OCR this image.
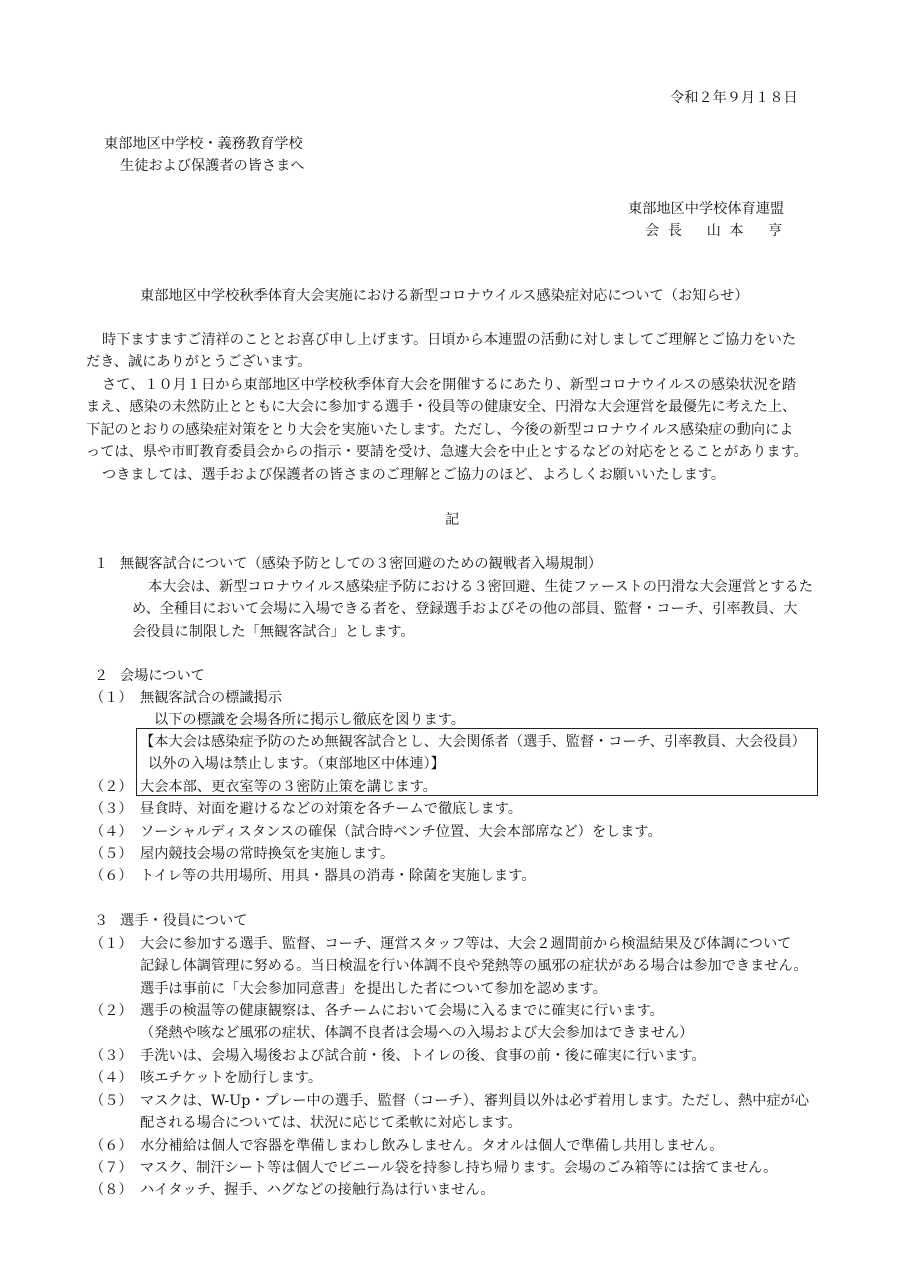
令和２年９月１８日
東部地区中学校・義務教育学校
生徒および保護者の皆さまへ
東部地区中学校体育連盟
会 長　 山 本　 亨
東部地区中学校秋季体育大会実施における新型コロナウイルス感染症対応について（お知らせ）
時下ますますご清祥のこととお喜び申し上げます。日頃から本連盟の活動に対しましてご理解とご協力をいた
だき、誠にありがとうございます。
さて、１０月１日から東部地区中学校秋季体育大会を開催するにあたり、新型コロナウイルスの感染状況を踏
まえ、感染の未然防止とともに大会に参加する選手・役員等の健康安全、円滑な大会運営を最優先に考えた上、
下記のとおりの感染症対策をとり大会を実施いたします。ただし、今後の新型コロナウイルス感染症の動向によ
っては、県や市町教育委員会からの指示・要請を受け、急遽大会を中止とするなどの対応をとることがあります。
つきましては、選手および保護者の皆さまのご理解とご協力のほど、よろしくお願いいたします。
記
１ 無観客試合について（感染予防としての３密回避のための観戦者入場規制）
本大会は、新型コロナウイルス感染症予防における３密回避、生徒ファーストの円滑な大会運営とするた
め、全種目において会場に入場できる者を、登録選手およびその他の部員、監督・コーチ、引率教員、大
会役員に制限した「無観客試合」とします。
２ 会場について
（１） 無観客試合の標識掲示
以下の標識を会場各所に掲示し徹底を図ります。
【本大会は感染症予防のため無観客試合とし、大会関係者（選手、監督・コーチ、引率教員、大会役員）
以外の入場は禁止します。（東部地区中体連）】
（２） 大会本部、更衣室等の３密防止策を講じます。
（３） 昼食時、対面を避けるなどの対策を各チームで徹底します。
（４） ソーシャルディスタンスの確保（試合時ベンチ位置、大会本部席など）をします。
（５） 屋内競技会場の常時換気を実施します。
（６） トイレ等の共用場所、用具・器具の消毒・除菌を実施します。
３ 選手・役員について
（１） 大会に参加する選手、監督、コーチ、運営スタッフ等は、大会２週間前から検温結果及び体調について
記録し体調管理に努める。当日検温を行い体調不良や発熱等の風邪の症状がある場合は参加できません。
選手は事前に「大会参加同意書」を提出した者について参加を認めます。
（２） 選手の検温等の健康観察は、各チームにおいて会場に入るまでに確実に行います。
（発熱や咳など風邪の症状、体調不良者は会場への入場および大会参加はできません）
（３） 手洗いは、会場入場後および試合前・後、トイレの後、食事の前・後に確実に行います。
（４） 咳エチケットを励行します。
（５） マスクは、W-Up・プレー中の選手、監督（コーチ）、審判員以外は必ず着用します。ただし、熱中症が心
配される場合については、状況に応じて柔軟に対応します。
（６） 水分補給は個人で容器を準備しまわし飲みしません。タオルは個人で準備し共用しません。
（７） マスク、制汗シート等は個人でビニール袋を持参し持ち帰ります。会場のごみ箱等には捨てません。
（８） ハイタッチ、握手、ハグなどの接触行為は行いません。
